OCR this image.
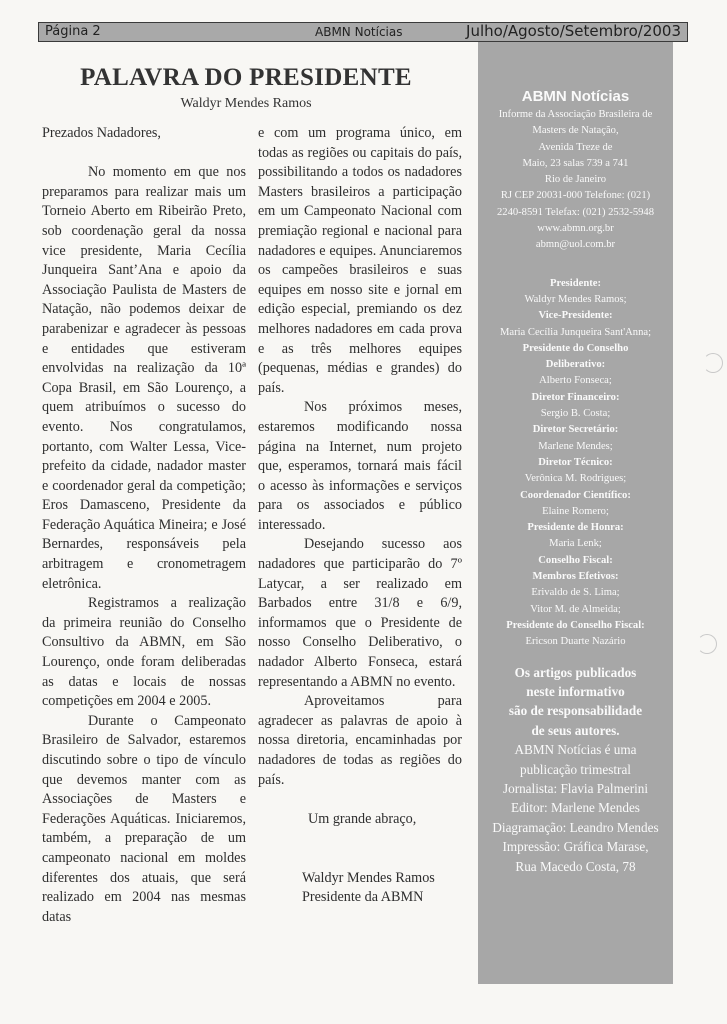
Página 2	ABMN Notícias	Julho/Agosto/Setembro/2003
PALAVRA DO PRESIDENTE
Waldyr Mendes Ramos

Prezados Nadadores,

No momento em que nos preparamos para realizar mais um Torneio Aberto em Ribeirão Preto, sob coordenação geral da nossa vice presidente, Maria Cecília Junqueira Sant’Ana e apoio da Associação Paulista de Masters de Natação, não podemos deixar de parabenizar e agradecer às pessoas e entidades que estiveram envolvidas na realização da 10ª Copa Brasil, em São Lourenço, a quem atribuímos o sucesso do evento. Nos congratulamos, portanto, com Walter Lessa, Vice-prefeito da cidade, nadador master e coordenador geral da competição; Eros Damasceno, Presidente da Federação Aquática Mineira; e José Bernardes, responsáveis pela arbitragem e cronometragem eletrônica.

Registramos a realização da primeira reunião do Conselho Consultivo da ABMN, em São Lourenço, onde foram deliberadas as datas e locais de nossas competições em 2004 e 2005.

Durante o Campeonato Brasileiro de Salvador, estaremos discutindo sobre o tipo de vínculo que devemos manter com as Associações de Masters e Federações Aquáticas. Iniciaremos, também, a preparação de um campeonato nacional em moldes diferentes dos atuais, que será realizado em 2004 nas mesmas datas

e com um programa único, em todas as regiões ou capitais do país, possibilitando a todos os nadadores Masters brasileiros a participação em um Campeonato Nacional com premiação regional e nacional para nadadores e equipes. Anunciaremos os campeões brasileiros e suas equipes em nosso site e jornal em edição especial, premiando os dez melhores nadadores em cada prova e as três melhores equipes (pequenas, médias e grandes) do país.

Nos próximos meses, estaremos modificando nossa página na Internet, num projeto que, esperamos, tornará mais fácil o acesso às informações e serviços para os associados e público interessado.

Desejando sucesso aos nadadores que participarão do 7º Latycar, a ser realizado em Barbados entre 31/8 e 6/9, informamos que o Presidente de nosso Conselho Deliberativo, o nadador Alberto Fonseca, estará representando a ABMN no evento.

Aproveitamos para agradecer as palavras de apoio à nossa diretoria, encaminhadas por nadadores de todas as regiões do país.

Um grande abraço,

Waldyr Mendes Ramos

Presidente da ABMN

ABMN Notícias
Informe da Associação Brasileira de
Masters de Natação,
Avenida Treze de
Maio, 23 salas 739 a 741
Rio de Janeiro
RJ CEP 20031-000 Telefone: (021)
2240-8591 Telefax: (021) 2532-5948
www.abmn.org.br
abmn@uol.com.br
Presidente:
Waldyr Mendes Ramos;
Vice-Presidente:
Maria Cecília Junqueira Sant'Anna;
Presidente do Conselho
Deliberativo:
Alberto Fonseca;
Diretor Financeiro:
Sergio B. Costa;
Diretor Secretário:
Marlene Mendes;
Diretor Técnico:
Verônica M. Rodrigues;
Coordenador Científico:
Elaine Romero;
Presidente de Honra:
Maria Lenk;
Conselho Fiscal:
Membros Efetivos:
Erivaldo de S. Lima;
Vitor M. de Almeida;
Presidente do Conselho Fiscal:
Ericson Duarte Nazário
Os artigos publicados
neste informativo
são de responsabilidade
de seus autores.
ABMN Notícias é uma
publicação trimestral
Jornalista: Flavia Palmerini
Editor: Marlene Mendes
Diagramação: Leandro Mendes
Impressão: Gráfica Marase,
Rua Macedo Costa, 78
